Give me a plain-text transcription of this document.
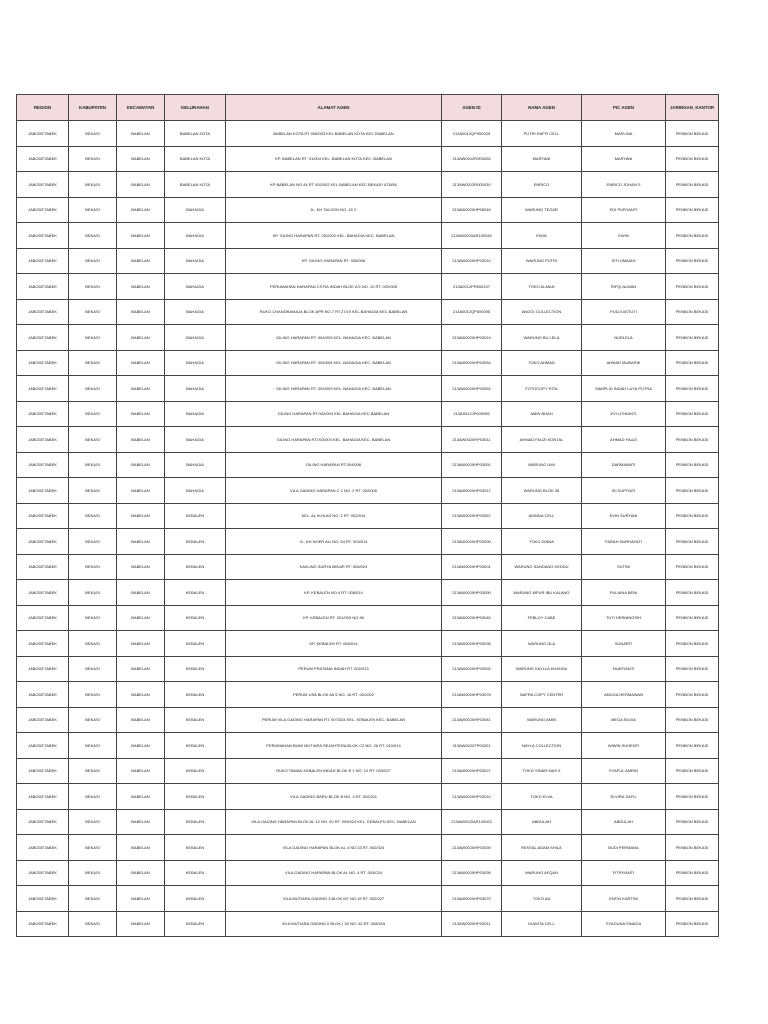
REGION	KABUPATEN	KECAMATAN	KELURAHAN	ALAMAT AGEN	AGEN ID	NAMA AGEN	PIC AGEN	JARINGAN_KANTOR
JABODETABEK	BEKASI	BABELAN	BABELAN KOTA	BABELAN KOTA RT 008/003 KEL BABELAN KOTA KEC BABELAN	213A0012QP000029	PUTRI RAFFI CELL	MARLINA	PENBON BEKASI
JABODETABEK	BEKASI	BABELAN	BABELAN KOTA	KP. BABELAN RT. 01/004 KEL. BABELAN KOTA KEC. BABELAN	213AW0012R000028	MARYANI	MARYANI	PENBON BEKASI
JABODETABEK	BEKASI	BABELAN	BABELAN KOTA	KP BABELAN NO.44 RT 002/002 KEL.BABELAN KEC.BEKASI UTARA	213AW0012R000030	ENRICO	ENRICO JOHAN S	PENBON BEKASI
JABODETABEK	BEKASI	BABELAN	BAHAGIA	JL. KH TALSON NO. 15 C	213AW0020HP05049	WARUNG TEGAR	EDI PURYANTI	PENBON BEKASI
JABODETABEK	BEKASI	BABELAN	BAHAGIA	KP. GILING HARAPAN RT. 001/002 KEL. BAHAGIA KEC. BABELAN	213AW0020AR100040	EWIN	EWIN	PENBON BEKASI
JABODETABEK	BEKASI	BABELAN	BAHAGIA	KP. GILING HARAPAN RT. 005/006	213AW0020HP03010	WARUNG PUTRI	SITI UMAIAH	PENBON BEKASI
JABODETABEK	BEKASI	BABELAN	BAHAGIA	PERUMAHAN HARAPAN CITRA INDAH BLOK A 5 NO. 10 RT. 002/005	213A0012PR000107	TOKO ALMAN	RIFQI ALMAN	PENBON BEKASI
JABODETABEK	BEKASI	BABELAN	BAHAGIA	RUKO CHANDRAMAJA BLOK APR NO.7 RT.27/19 KEL.BAHAGIA KEC.BABELAN	213A0012QP000095	ANGGI COLLECTION	PUDJI ASTUTI	PENBON BEKASI
JABODETABEK	BEKASI	BABELAN	BAHAGIA	GILING HARAPAN RT. 004/003 KEL. BAHAGIA KEC. BABELAN	213AW0020HP03019	WARUNG BU LELA	NURLELA	PENBON BEKASI
JABODETABEK	BEKASI	BABELAN	BAHAGIA	GILING HARAPAN RT. 004/004 KEL. BAHAGIA KEC. BABELAN	213AW0020HP03054	TOKO AHMAD	AHMAD MUBARIK	PENBON BEKASI
JABODETABEK	BEKASI	BABELAN	BAHAGIA	GILING HARAPAN RT. 004/003 KEL. BAHAGIA KEC. BABELAN	213AW0020HP03052	FOTOCOPY RITA	SAMPLID INDAH LUYA PUTRA	PENBON BEKASI
JABODETABEK	BEKASI	BABELAN	BAHAGIA	GILING HARAPAN RT.002/004 KEL.BAHAGIA KEC.BABELAN	213A0012JP000095	AMIN BUAH	EVI UTHIANTI	PENBON BEKASI
JABODETABEK	BEKASI	BABELAN	BAHAGIA	GILING HARAPAN RT.002/004 KEL. BAHAGIA KEC. BABELAN	213AW0020HP03011	AHMAD FAUZI KONTAL	AHMAD FAUZI	PENBON BEKASI
JABODETABEK	BEKASI	BABELAN	BAHAGIA	GILING HARAPAN RT.004/006	213AW0020HP03091	WARUNG UMI	DARMAWATI	PENBON BEKASI
JABODETABEK	BEKASI	BABELAN	BAHAGIA	VILA GADING HARAPAN C 1 NO. 2 RT. 002/005	213AW0020HP03017	WARUNG BLOK 35	ISI SUPIYATI	PENBON BEKASI
JABODETABEK	BEKASI	BABELAN	KEBALEN	KEL. AL IKHLAS NO. 2 RT. 002/014	213AW0020HP03087	ADINDA CELL	EVIN SURYANI	PENBON BEKASI
JABODETABEK	BEKASI	BABELAN	KEBALEN	JL. KH NOER ALI NO. 54 RT. 003/014	213AW0020HP03090	TOKO DINNA	FARAH NURHAYATI	PENBON BEKASI
JABODETABEK	BEKASI	BABELAN	KEBALEN	KAVLING SURYA MIKAR RT. 005/024	213AW0020HP03001	WARUNG SANDANG KEDDU	SUTINI	PENBON BEKASI
JABODETABEK	BEKASI	BABELAN	KEBALEN	KP. KEBALEN NO.4 RT. 008/014	213AW0020HP03090	WARUNG MPUR IBU KALANG	PULAINA BENI	PENBON BEKASI
JABODETABEK	BEKASI	BABELAN	KEBALEN	KP. KEBALEN RT. 001/003 NO.96	213AW0020HP03040	FEBLOY CABE	TUTI HERNINGSIH	PENBON BEKASI
JABODETABEK	BEKASI	BABELAN	KEBALEN	KP. KEBALEN RT. 006/014	213AW0020HP03035	WARUNG OLA	SUNARTI	PENBON BEKASI
JABODETABEK	BEKASI	BABELAN	KEBALEN	PERUM PRATAMA INDAH RT. 002/013	213AW0020HP03092	WARUNG KAYLLA KHANSA	FAARYANTI	PENBON BEKASI
JABODETABEK	BEKASI	BABELAN	KEBALEN	PERUM USA BLOK A6 5 NO. 16 RT. 001/002	213AW0020HP03078	NAFRA COPY CENTER	ANGGA HERMAWAN	PENBON BEKASI
JABODETABEK	BEKASI	BABELAN	KEBALEN	PERUM VILA GADING HARAPAN RT. 007/024 KEL. KEBALEN KEC. BABELAN	213AW0020HP03041	WARUNG AMIN	MEGA SILVIA	PENBON BEKASI
JABODETABEK	BEKASI	BABELAN	KEBALEN	PERUMAHAN BUMI MUTIARA SEJAHTERA BLOK C2 NO. 26 RT. 010/014	213AW0020TP00201	NAYLA COLLECTION	WIWIN SUHENTI	PENBON BEKASI
JABODETABEK	BEKASI	BABELAN	KEBALEN	RUKO TAMAN KEBALEN INDAH BLOK B 1 NO. 10 RT. 003/027	213AW0020HP03027	TOKO SINAR MAS 9	SYAFUL AMRIN	PENBON BEKASI
JABODETABEK	BEKASI	BABELAN	KEBALEN	VILA GADING BARU BLOK B NO. 4 RT. 002/011	213AW0020HP03010	TOKO ELVA	ELVIRA SAFLI	PENBON BEKASI
JABODETABEK	BEKASI	BABELAN	KEBALEN	VILA GADING HARAPAN BLOK AL 12 NO. 20 RT. 005/024 KEL. KEBALEN KEC. BABELAN	213AW0020AR100022	ABDULAH	ABDULAH	PENBON BEKASI
JABODETABEK	BEKASI	BABELAN	KEBALEN	VILA GADING HARAPAN BLOK AL 4 NO 23 RT. 002/024	213AW0020HP03039	RENTAL ADAM SHILA	BUDI PERMANA	PENBON BEKASI
JABODETABEK	BEKASI	BABELAN	KEBALEN	VILA GADING HARAPAN BLOK AL NO. 4 RT. 003/024	213AW0020HP03039	WARUNG AFQAH	FITRIYANTI	PENBON BEKASI
JABODETABEK	BEKASI	BABELAN	KEBALEN	VILA MUTIARA GADING 3 BLOK M7 NO.19 RT. 002/027	213AW0020HP03070	TOKO AA	ENTIN KARTINI	PENBON BEKASI
JABODETABEK	BEKASI	BABELAN	KEBALEN	VILA MUTIARA GADING II BLOK I 30 NO. 62 RT. 008/016	213AW0020HP03011	DIANITA CELL	SYAGUNA SINAGA	PENBON BEKASI
